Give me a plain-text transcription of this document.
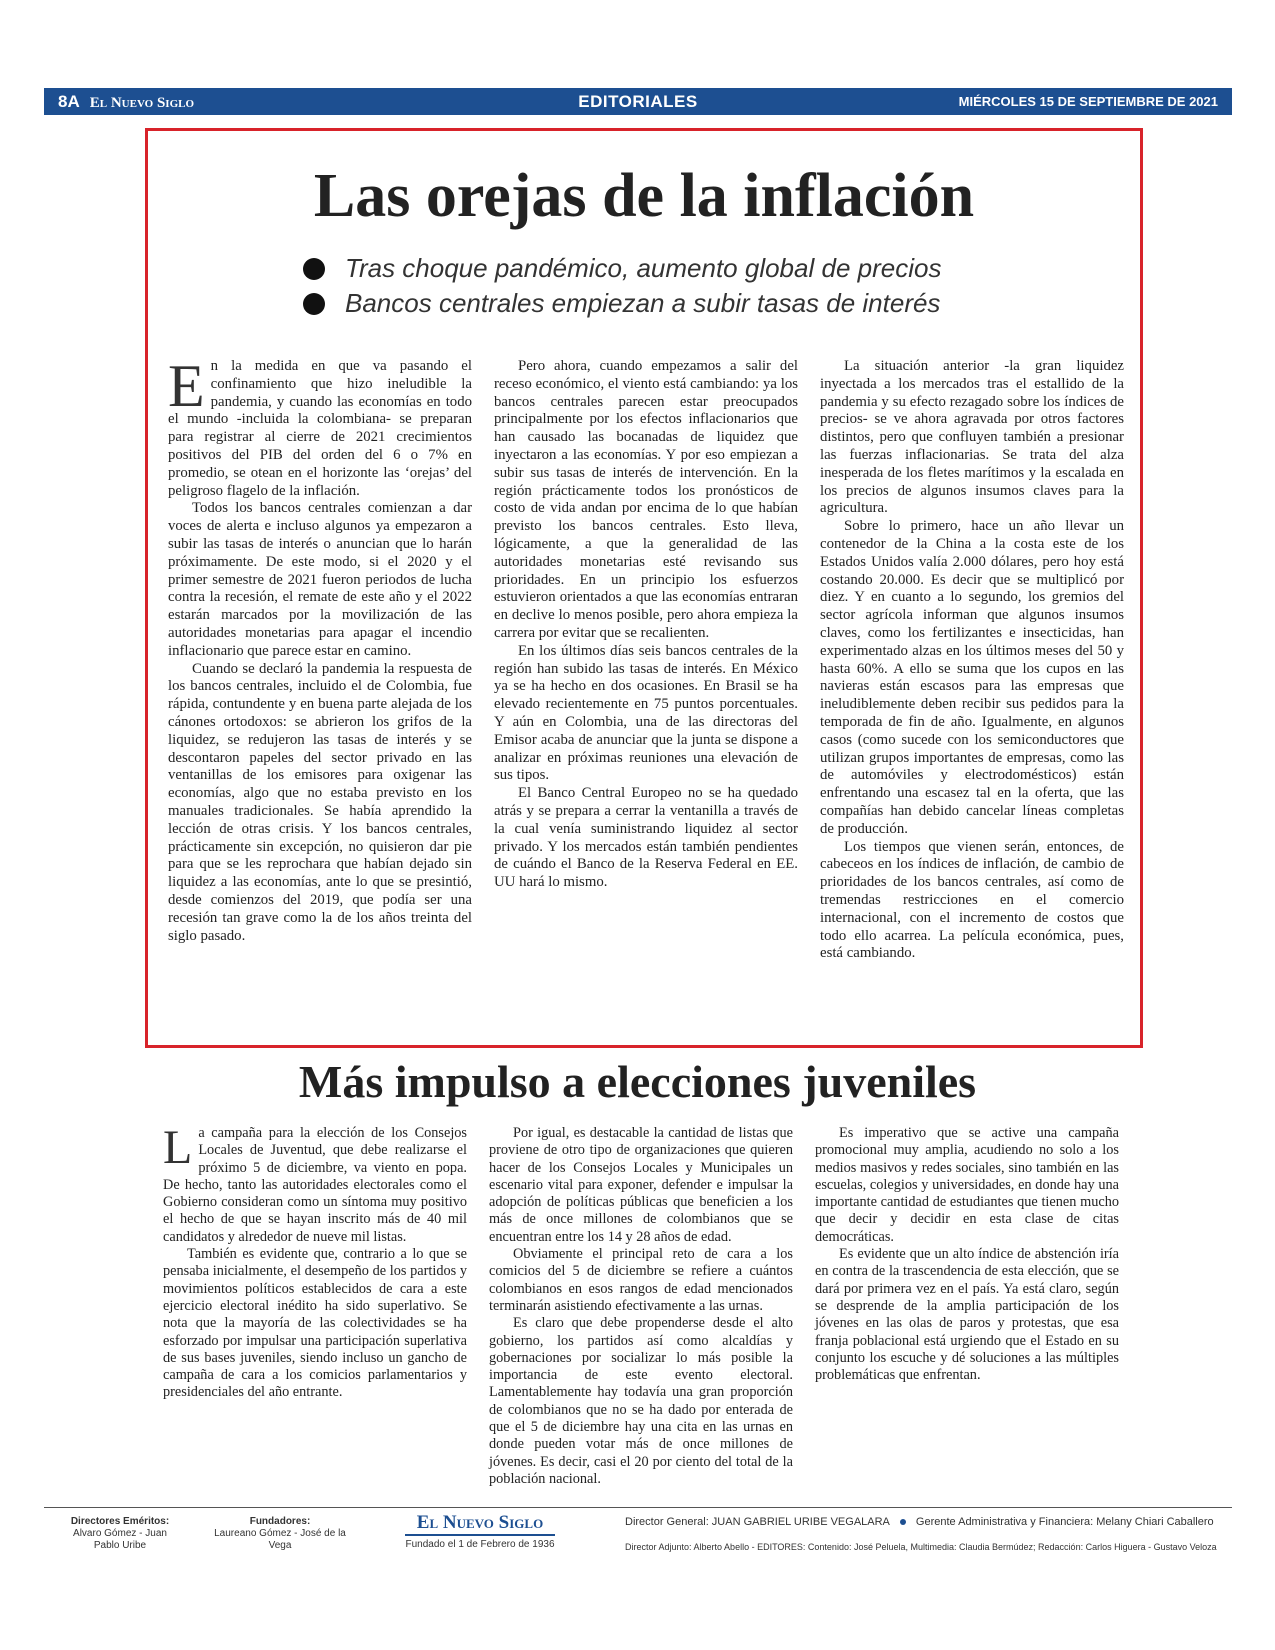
8A El Nuevo Siglo	EDITORIALES	MIÉRCOLES 15 DE SEPTIEMBRE DE 2021
Las orejas de la inflación
Tras choque pandémico, aumento global de precios
Bancos centrales empiezan a subir tasas de interés

En la medida en que va pasando el confinamiento que hizo ineludible la pandemia, y cuando las economías en todo el mundo -incluida la colombiana- se preparan para registrar al cierre de 2021 crecimientos positivos del PIB del orden del 6 o 7% en promedio, se otean en el horizonte las ‘orejas’ del peligroso flagelo de la inflación.

Todos los bancos centrales comienzan a dar voces de alerta e incluso algunos ya empezaron a subir las tasas de interés o anuncian que lo harán próximamente. De este modo, si el 2020 y el primer semestre de 2021 fueron periodos de lucha contra la recesión, el remate de este año y el 2022 estarán marcados por la movilización de las autoridades monetarias para apagar el incendio inflacionario que parece estar en camino.

Cuando se declaró la pandemia la respuesta de los bancos centrales, incluido el de Colombia, fue rápida, contundente y en buena parte alejada de los cánones ortodoxos: se abrieron los grifos de la liquidez, se redujeron las tasas de interés y se descontaron papeles del sector privado en las ventanillas de los emisores para oxigenar las economías, algo que no estaba previsto en los manuales tradicionales. Se había aprendido la lección de otras crisis. Y los bancos centrales, prácticamente sin excepción, no quisieron dar pie para que se les reprochara que habían dejado sin liquidez a las economías, ante lo que se presintió, desde comienzos del 2019, que podía ser una recesión tan grave como la de los años treinta del siglo pasado.

Pero ahora, cuando empezamos a salir del receso económico, el viento está cambiando: ya los bancos centrales parecen estar preocupados principalmente por los efectos inflacionarios que han causado las bocanadas de liquidez que inyectaron a las economías. Y por eso empiezan a subir sus tasas de interés de intervención. En la región prácticamente todos los pronósticos de costo de vida andan por encima de lo que habían previsto los bancos centrales. Esto lleva, lógicamente, a que la generalidad de las autoridades monetarias esté revisando sus prioridades. En un principio los esfuerzos estuvieron orientados a que las economías entraran en declive lo menos posible, pero ahora empieza la carrera por evitar que se recalienten.

En los últimos días seis bancos centrales de la región han subido las tasas de interés. En México ya se ha hecho en dos ocasiones. En Brasil se ha elevado recientemente en 75 puntos porcentuales. Y aún en Colombia, una de las directoras del Emisor acaba de anunciar que la junta se dispone a analizar en próximas reuniones una elevación de sus tipos.

El Banco Central Europeo no se ha quedado atrás y se prepara a cerrar la ventanilla a través de la cual venía suministrando liquidez al sector privado. Y los mercados están también pendientes de cuándo el Banco de la Reserva Federal en EE. UU hará lo mismo.

La situación anterior -la gran liquidez inyectada a los mercados tras el estallido de la pandemia y su efecto rezagado sobre los índices de precios- se ve ahora agravada por otros factores distintos, pero que confluyen también a presionar las fuerzas inflacionarias. Se trata del alza inesperada de los fletes marítimos y la escalada en los precios de algunos insumos claves para la agricultura.

Sobre lo primero, hace un año llevar un contenedor de la China a la costa este de los Estados Unidos valía 2.000 dólares, pero hoy está costando 20.000. Es decir que se multiplicó por diez. Y en cuanto a lo segundo, los gremios del sector agrícola informan que algunos insumos claves, como los fertilizantes e insecticidas, han experimentado alzas en los últimos meses del 50 y hasta 60%. A ello se suma que los cupos en las navieras están escasos para las empresas que ineludiblemente deben recibir sus pedidos para la temporada de fin de año. Igualmente, en algunos casos (como sucede con los semiconductores que utilizan grupos importantes de empresas, como las de automóviles y electrodomésticos) están enfrentando una escasez tal en la oferta, que las compañías han debido cancelar líneas completas de producción.

Los tiempos que vienen serán, entonces, de cabeceos en los índices de inflación, de cambio de prioridades de los bancos centrales, así como de tremendas restricciones en el comercio internacional, con el incremento de costos que todo ello acarrea. La película económica, pues, está cambiando.

Más impulso a elecciones juveniles

La campaña para la elección de los Consejos Locales de Juventud, que debe realizarse el próximo 5 de diciembre, va viento en popa. De hecho, tanto las autoridades electorales como el Gobierno consideran como un síntoma muy positivo el hecho de que se hayan inscrito más de 40 mil candidatos y alrededor de nueve mil listas.

También es evidente que, contrario a lo que se pensaba inicialmente, el desempeño de los partidos y movimientos políticos establecidos de cara a este ejercicio electoral inédito ha sido superlativo. Se nota que la mayoría de las colectividades se ha esforzado por impulsar una participación superlativa de sus bases juveniles, siendo incluso un gancho de campaña de cara a los comicios parlamentarios y presidenciales del año entrante.

Por igual, es destacable la cantidad de listas que proviene de otro tipo de organizaciones que quieren hacer de los Consejos Locales y Municipales un escenario vital para exponer, defender e impulsar la adopción de políticas públicas que beneficien a los más de once millones de colombianos que se encuentran entre los 14 y 28 años de edad.

Obviamente el principal reto de cara a los comicios del 5 de diciembre se refiere a cuántos colombianos en esos rangos de edad mencionados terminarán asistiendo efectivamente a las urnas.

Es claro que debe propenderse desde el alto gobierno, los partidos así como alcaldías y gobernaciones por socializar lo más posible la importancia de este evento electoral. Lamentablemente hay todavía una gran proporción de colombianos que no se ha dado por enterada de que el 5 de diciembre hay una cita en las urnas en donde pueden votar más de once millones de jóvenes. Es decir, casi el 20 por ciento del total de la población nacional.

Es imperativo que se active una campaña promocional muy amplia, acudiendo no solo a los medios masivos y redes sociales, sino también en las escuelas, colegios y universidades, en donde hay una importante cantidad de estudiantes que tienen mucho que decir y decidir en esta clase de citas democráticas.

Es evidente que un alto índice de abstención iría en contra de la trascendencia de esta elección, que se dará por primera vez en el país. Ya está claro, según se desprende de la amplia participación de los jóvenes en las olas de paros y protestas, que esa franja poblacional está urgiendo que el Estado en su conjunto los escuche y dé soluciones a las múltiples problemáticas que enfrentan.

Directores Eméritos:
Alvaro Gómez - Juan Pablo Uribe
Fundadores:
Laureano Gómez - José de la Vega
El Nuevo Siglo
Fundado el 1 de Febrero de 1936
Director General: JUAN GABRIEL URIBE VEGALARA Gerente Administrativa y Financiera: Melany Chiari Caballero
Director Adjunto: Alberto Abello - EDITORES: Contenido: José Peluela, Multimedia: Claudia Bermúdez; Redacción: Carlos Higuera - Gustavo Veloza
